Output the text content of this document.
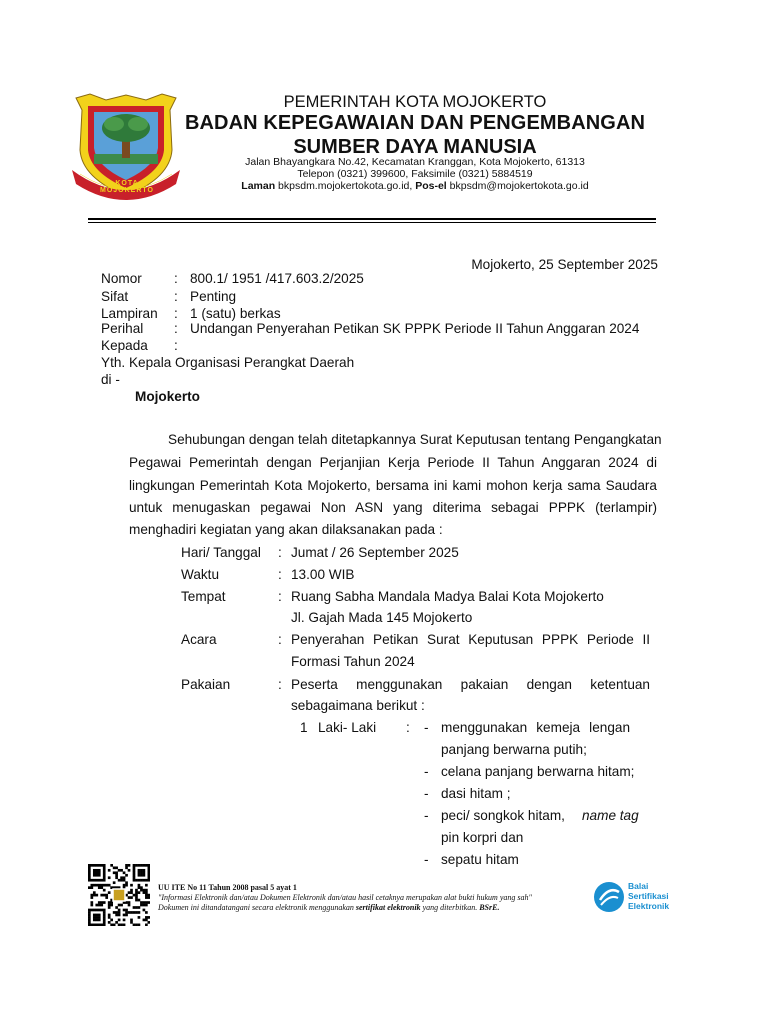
KOTA MOJOKERTO
PEMERINTAH KOTA MOJOKERTO
BADAN KEPEGAWAIAN DAN PENGEMBANGAN
SUMBER DAYA MANUSIA
Jalan Bhayangkara No.42, Kecamatan Kranggan, Kota Mojokerto, 61313
Telepon (0321) 399600, Faksimile (0321) 5884519
Laman bkpsdm.mojokertokota.go.id, Pos-el bkpsdm@mojokertokota.go.id
Mojokerto, 25 September 2025
Nomor : 800.1/ 1951 /417.603.2/2025
Sifat	: Penting
Lampiran : 1 (satu) berkas
Perihal : Undangan Penyerahan Petikan SK PPPK Periode II Tahun Anggaran 2024
Kepada :
Yth. Kepala Organisasi Perangkat Daerah
di -
Mojokerto
Sehubungan dengan telah ditetapkannya Surat Keputusan tentang Pengangkatan
Pegawai Pemerintah dengan Perjanjian Kerja Periode II Tahun Anggaran 2024 di
lingkungan Pemerintah Kota Mojokerto, bersama ini kami mohon kerja sama Saudara
untuk menugaskan pegawai Non ASN yang diterima sebagai PPPK (terlampir)
menghadiri kegiatan yang akan dilaksanakan pada :
Hari/ Tanggal : Jumat / 26 September 2025
Waktu	: 13.00 WIB
Tempat	: Ruang Sabha Mandala Madya Balai Kota Mojokerto
Jl. Gajah Mada 145 Mojokerto
Acara	: Penyerahan Petikan Surat Keputusan PPPK Periode II
Formasi Tahun 2024
Pakaian	: Peserta menggunakan pakaian dengan ketentuan
sebagaimana berikut :
1 Laki- Laki : - menggunakan kemeja lengan
panjang berwarna putih;
- celana panjang berwarna hitam;
- dasi hitam ;
- peci/ songkok hitam, name tag
pin korpri dan
- sepatu hitam
UU ITE No 11 Tahun 2008 pasal 5 ayat 1
"Informasi Elektronik dan/atau Dokumen Elektronik dan/atau hasil cetaknya merupakan alat bukti hukum yang sah"
Dokumen ini ditandatangani secara elektronik menggunakan sertifikat elektronik yang diterbitkan. BSrE.
Balai
Sertifikasi
Elektronik
